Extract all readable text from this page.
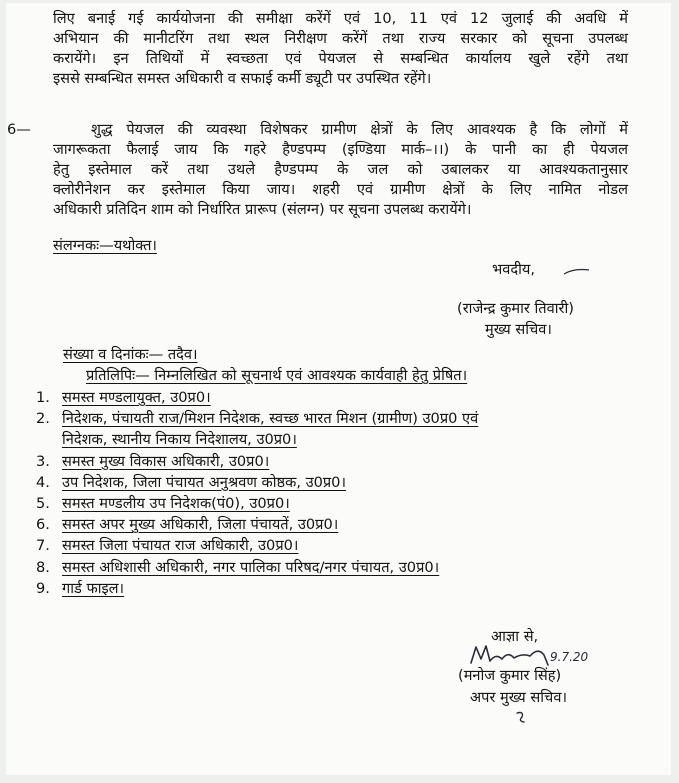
लिए बनाई गई कार्ययोजना की समीक्षा करेंगें एवं 10, 11 एवं 12 जुलाई की अवधि में
अभियान की मानीटरिंग तथा स्थल निरीक्षण करेंगें तथा राज्य सरकार को सूचना उपलब्ध
करायेंगे। इन तिथियों में स्वच्छता एवं पेयजल से सम्बन्धित कार्यालय खुले रहेंगे तथा
इससे सम्बन्धित समस्त अधिकारी व सफाई कर्मी ड्यूटी पर उपस्थित रहेंगे।
6—	शुद्ध पेयजल की व्यवस्था विशेषकर ग्रामीण क्षेत्रों के लिए आवश्यक है कि लोगों में
जागरूकता फैलाई जाय कि गहरे हैण्डपम्प (इण्डिया मार्क–।।) के पानी का ही पेयजल
हेतु इस्तेमाल करें तथा उथले हैण्डपम्प के जल को उबालकर या आवश्यकतानुसार
क्लोरीनेशन कर इस्तेमाल किया जाय। शहरी एवं ग्रामीण क्षेत्रों के लिए नामित नोडल
अधिकारी प्रतिदिन शाम को निर्धारित प्रारूप (संलग्न) पर सूचना उपलब्ध करायेंगे।
संलग्नकः—यथोक्त।
भवदीय,
(राजेन्द्र कुमार तिवारी)
मुख्य सचिव।
संख्या व दिनांकः— तदैव।
प्रतिलिपिः— निम्नलिखित को सूचनार्थ एवं आवश्यक कार्यवाही हेतु प्रेषित।
1. समस्त मण्डलायुक्त, उ0प्र0।
2. निदेशक, पंचायती राज/मिशन निदेशक, स्वच्छ भारत मिशन (ग्रामीण) उ0प्र0 एवं
निदेशक, स्थानीय निकाय निदेशालय, उ0प्र0।
3. समस्त मुख्य विकास अधिकारी, उ0प्र0।
4. उप निदेशक, जिला पंचायत अनुश्रवण कोष्ठक, उ0प्र0।
5. समस्त मण्डलीय उप निदेशक(पं0), उ0प्र0।
6. समस्त अपर मुख्य अधिकारी, जिला पंचायतें, उ0प्र0।
7. समस्त जिला पंचायत राज अधिकारी, उ0प्र0।
8. समस्त अधिशासी अधिकारी, नगर पालिका परिषद/नगर पंचायत, उ0प्र0।
9. गार्ड फाइल।
आज्ञा से,
9.7.20
(मनोज कुमार सिंह)
अपर मुख्य सचिव।
